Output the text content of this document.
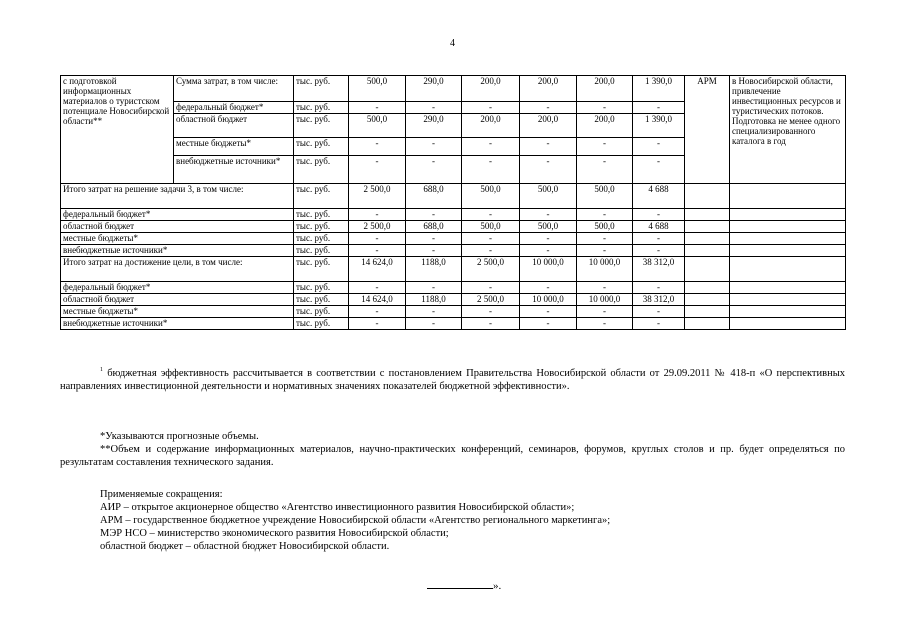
4
с подготовкой информационных материалов о туристском потенциале Новосибирской области**	Сумма затрат, в том числе:	тыс. руб.	500,0	290,0	200,0	200,0	200,0	1 390,0	АРМ	в Новосибирской области, привлечение инвестиционных ресурсов и туристических потоков. Подготовка не менее одного специализированного каталога в год
	федеральный бюджет*	тыс. руб.	-	-	-	-	-	-		
	областной бюджет	тыс. руб.	500,0	290,0	200,0	200,0	200,0	1 390,0		
	местные бюджеты*	тыс. руб.	-	-	-	-	-	-		
	внебюджетные источники*	тыс. руб.	-	-	-	-	-	-		
Итого затрат на решение задачи 3, в том числе:		тыс. руб.	2 500,0	688,0	500,0	500,0	500,0	4 688		
федеральный бюджет*		тыс. руб.	-	-	-	-	-	-		
областной бюджет		тыс. руб.	2 500,0	688,0	500,0	500,0	500,0	4 688		
местные бюджеты*		тыс. руб.	-	-	-	-	-	-		
внебюджетные источники*		тыс. руб.	-	-	-	-	-	-		
Итого затрат на достижение цели, в том числе:		тыс. руб.	14 624,0	1188,0	2 500,0	10 000,0	10 000,0	38 312,0		
федеральный бюджет*		тыс. руб.	-	-	-	-	-	-		
областной бюджет		тыс. руб.	14 624,0	1188,0	2 500,0	10 000,0	10 000,0	38 312,0		
местные бюджеты*		тыс. руб.	-	-	-	-	-	-		
внебюджетные источники*		тыс. руб.	-	-	-	-	-	-		

$^1$ бюджетная эффективность рассчитывается в соответствии с постановлением Правительства Новосибирской области от 29.09.2011 № 418-п «О перспективных направлениях инвестиционной деятельности и нормативных значениях показателей бюджетной эффективности».

*Указываются прогнозные объемы.

**Объем и содержание информационных материалов, научно-практических конференций, семинаров, форумов, круглых столов и пр. будет определяться по результатам составления технического задания.

Применяемые сокращения:

АИР – открытое акционерное общество «Агентство инвестиционного развития Новосибирской области»;

АРМ – государственное бюджетное учреждение Новосибирской области «Агентство регионального маркетинга»;

МЭР НСО – министерство экономического развития Новосибирской области;

областной бюджет – областной бюджет Новосибирской области.

».
